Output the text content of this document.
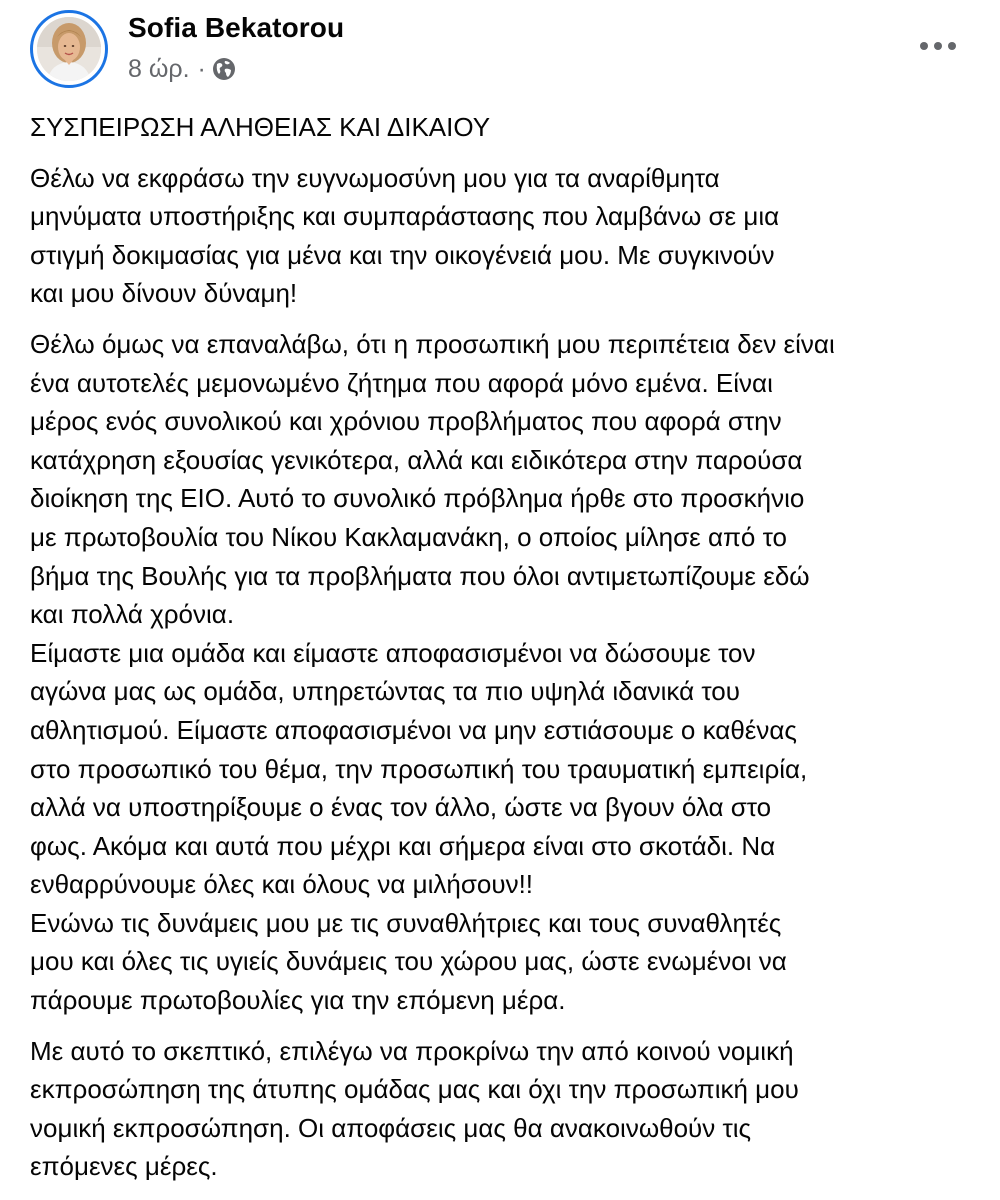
Sofia Bekatorou
8 ώρ. ·

ΣΥΣΠΕΙΡΩΣΗ ΑΛΗΘΕΙΑΣ ΚΑΙ ΔΙΚΑΙΟΥ

Θέλω να εκφράσω την ευγνωμοσύνη μου για τα αναρίθμητα
μηνύματα υποστήριξης και συμπαράστασης που λαμβάνω σε μια
στιγμή δοκιμασίας για μένα και την οικογένειά μου. Με συγκινούν
και μου δίνουν δύναμη!

Θέλω όμως να επαναλάβω, ότι η προσωπική μου περιπέτεια δεν είναι
ένα αυτοτελές μεμονωμένο ζήτημα που αφορά μόνο εμένα. Είναι
μέρος ενός συνολικού και χρόνιου προβλήματος που αφορά στην
κατάχρηση εξουσίας γενικότερα, αλλά και ειδικότερα στην παρούσα
διοίκηση της ΕΙΟ. Αυτό το συνολικό πρόβλημα ήρθε στο προσκήνιο
με πρωτοβουλία του Νίκου Κακλαμανάκη, ο οποίος μίλησε από το
βήμα της Βουλής για τα προβλήματα που όλοι αντιμετωπίζουμε εδώ
και πολλά χρόνια.

Είμαστε μια ομάδα και είμαστε αποφασισμένοι να δώσουμε τον
αγώνα μας ως ομάδα, υπηρετώντας τα πιο υψηλά ιδανικά του
αθλητισμού. Είμαστε αποφασισμένοι να μην εστιάσουμε ο καθένας
στο προσωπικό του θέμα, την προσωπική του τραυματική εμπειρία,
αλλά να υποστηρίξουμε ο ένας τον άλλο, ώστε να βγουν όλα στο
φως. Ακόμα και αυτά που μέχρι και σήμερα είναι στο σκοτάδι. Να
ενθαρρύνουμε όλες και όλους να μιλήσουν!!

Ενώνω τις δυνάμεις μου με τις συναθλήτριες και τους συναθλητές
μου και όλες τις υγιείς δυνάμεις του χώρου μας, ώστε ενωμένοι να
πάρουμε πρωτοβουλίες για την επόμενη μέρα.

Με αυτό το σκεπτικό, επιλέγω να προκρίνω την από κοινού νομική
εκπροσώπηση της άτυπης ομάδας μας και όχι την προσωπική μου
νομική εκπροσώπηση. Οι αποφάσεις μας θα ανακοινωθούν τις
επόμενες μέρες.
